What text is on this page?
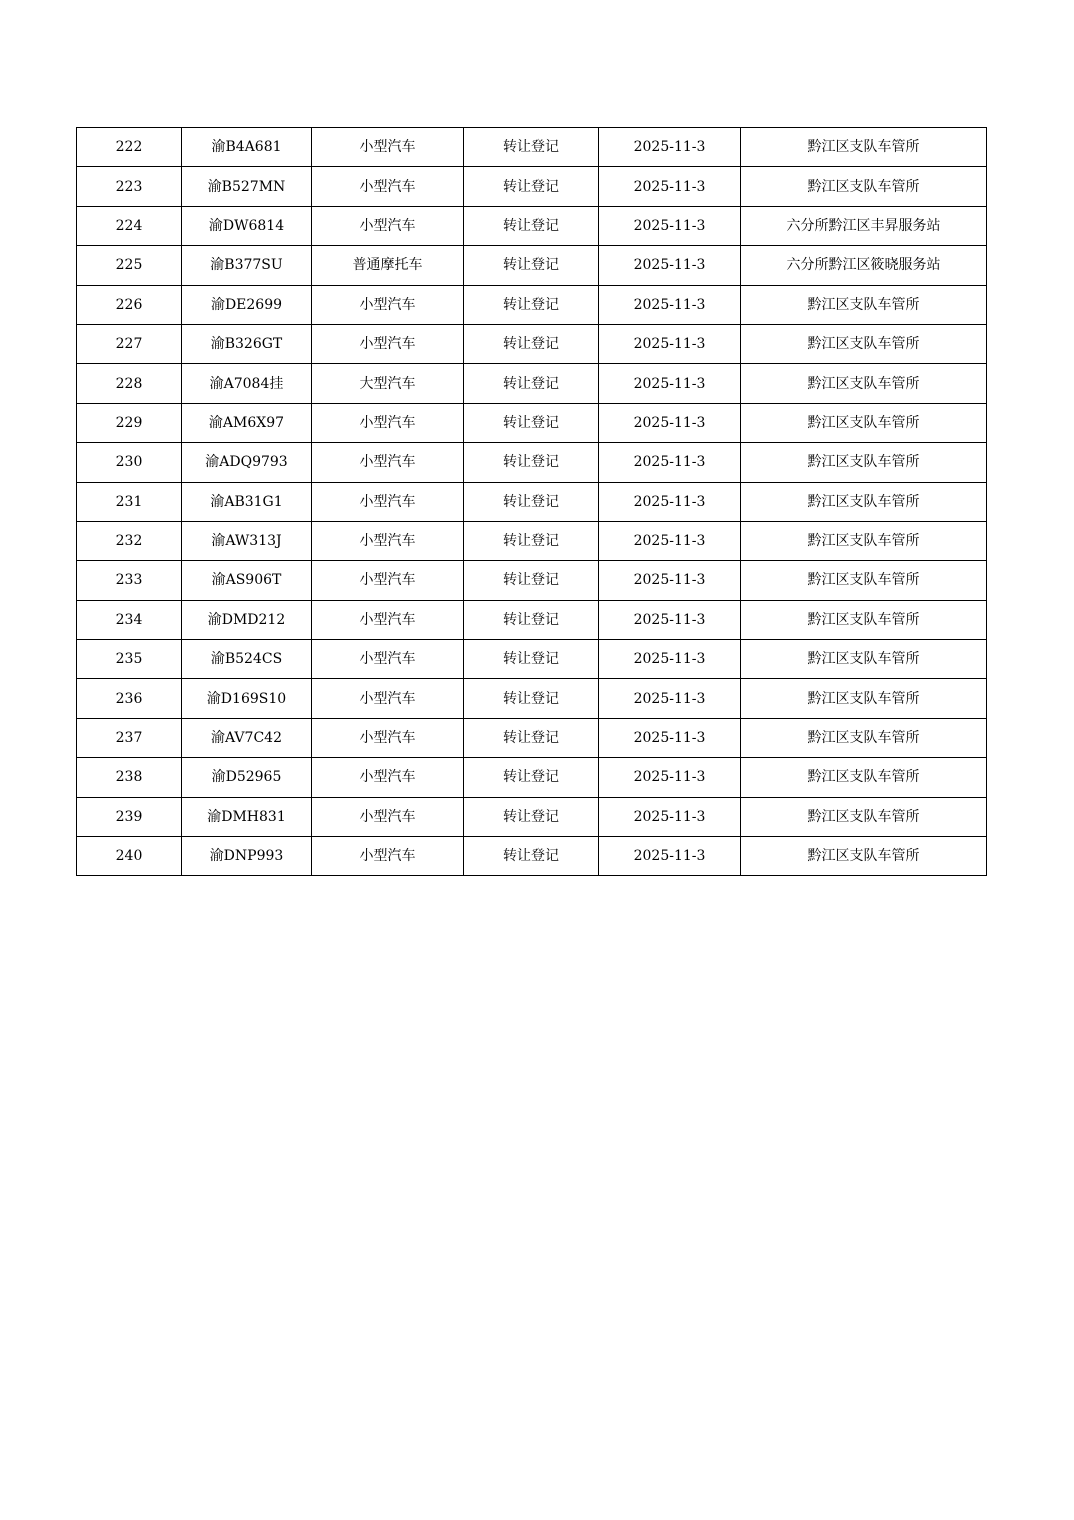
222	渝B4A681	小型汽车	转让登记	2025-11-3	黔江区支队车管所
223	渝B527MN	小型汽车	转让登记	2025-11-3	黔江区支队车管所
224	渝DW6814	小型汽车	转让登记	2025-11-3	六分所黔江区丰昇服务站
225	渝B377SU	普通摩托车	转让登记	2025-11-3	六分所黔江区筱晓服务站
226	渝DE2699	小型汽车	转让登记	2025-11-3	黔江区支队车管所
227	渝B326GT	小型汽车	转让登记	2025-11-3	黔江区支队车管所
228	渝A7084挂	大型汽车	转让登记	2025-11-3	黔江区支队车管所
229	渝AM6X97	小型汽车	转让登记	2025-11-3	黔江区支队车管所
230	渝ADQ9793	小型汽车	转让登记	2025-11-3	黔江区支队车管所
231	渝AB31G1	小型汽车	转让登记	2025-11-3	黔江区支队车管所
232	渝AW313J	小型汽车	转让登记	2025-11-3	黔江区支队车管所
233	渝AS906T	小型汽车	转让登记	2025-11-3	黔江区支队车管所
234	渝DMD212	小型汽车	转让登记	2025-11-3	黔江区支队车管所
235	渝B524CS	小型汽车	转让登记	2025-11-3	黔江区支队车管所
236	渝D169S10	小型汽车	转让登记	2025-11-3	黔江区支队车管所
237	渝AV7C42	小型汽车	转让登记	2025-11-3	黔江区支队车管所
238	渝D52965	小型汽车	转让登记	2025-11-3	黔江区支队车管所
239	渝DMH831	小型汽车	转让登记	2025-11-3	黔江区支队车管所
240	渝DNP993	小型汽车	转让登记	2025-11-3	黔江区支队车管所
